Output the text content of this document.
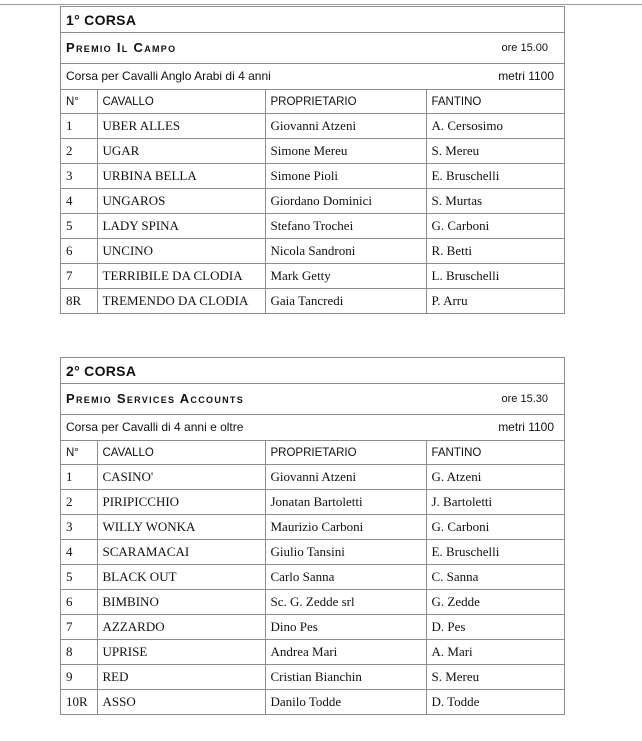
1° CORSA
Premio Il Campo	ore 15.00
Corsa per Cavalli Anglo Arabi di 4 anni	metri 1100
N°	CAVALLO	PROPRIETARIO	FANTINO
1	UBER ALLES	Giovanni Atzeni	A. Cersosimo
2	UGAR	Simone Mereu	S. Mereu
3	URBINA BELLA	Simone Pioli	E. Bruschelli
4	UNGAROS	Giordano Dominici	S. Murtas
5	LADY SPINA	Stefano Trochei	G. Carboni
6	UNCINO	Nicola Sandroni	R. Betti
7	TERRIBILE DA CLODIA	Mark Getty	L. Bruschelli
8R	TREMENDO DA CLODIA	Gaia Tancredi	P. Arru
2° CORSA
Premio Services Accounts	ore 15.30
Corsa per Cavalli di 4 anni e oltre	metri 1100
N°	CAVALLO	PROPRIETARIO	FANTINO
1	CASINO'	Giovanni Atzeni	G. Atzeni
2	PIRIPICCHIO	Jonatan Bartoletti	J. Bartoletti
3	WILLY WONKA	Maurizio Carboni	G. Carboni
4	SCARAMACAI	Giulio Tansini	E. Bruschelli
5	BLACK OUT	Carlo Sanna	C. Sanna
6	BIMBINO	Sc. G. Zedde srl	G. Zedde
7	AZZARDO	Dino Pes	D. Pes
8	UPRISE	Andrea Mari	A. Mari
9	RED	Cristian Bianchin	S. Mereu
10R	ASSO	Danilo Todde	D. Todde
